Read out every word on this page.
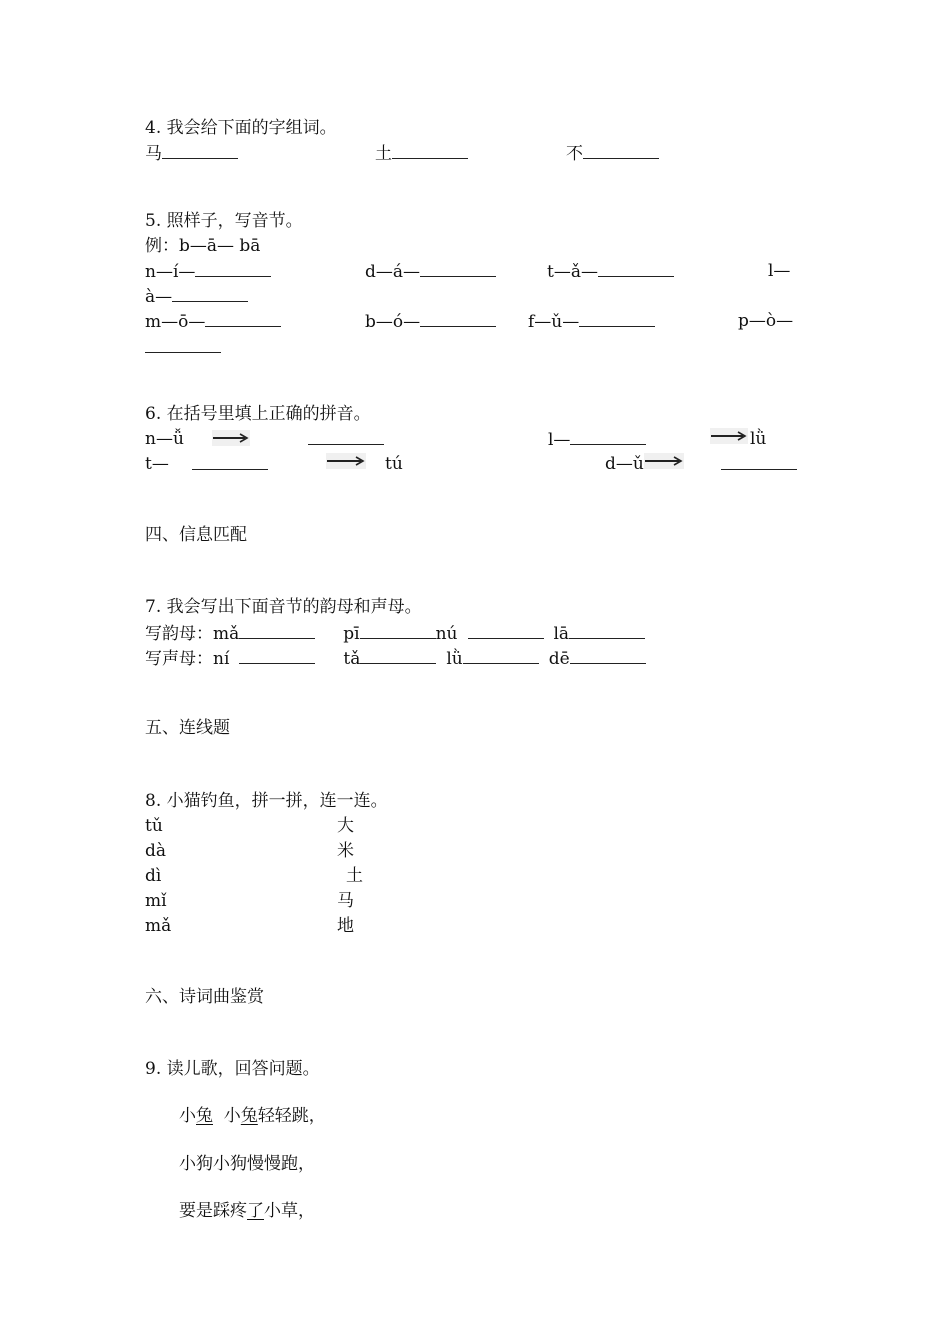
4. 我会给下面的字组词。
马	土	不
5. 照样子，写音节。
例：b—ā— bā
n—í—	d—á—	t—ǎ—	l—
à—
m—ō—	b—ó—	f—ǔ—	p—ò—
6. 在括号里填上正确的拼音。
n—ǚ	l—	lǜ
t—	tú	d—ǔ
四、信息匹配
7. 我会写出下面音节的韵母和声母。
写韵母：mǎ	pī	nú	lā
写声母：ní	tǎ	lǜ	dē
五、连线题
8. 小猫钓鱼，拼一拼，连一连。
tǔ
dà
dì
mǐ
mǎ
大
米
土
马
地
六、诗词曲鉴赏
9. 读儿歌，回答问题。
小兔  小兔轻轻跳，
小狗小狗慢慢跑，
要是踩疼了小草，
